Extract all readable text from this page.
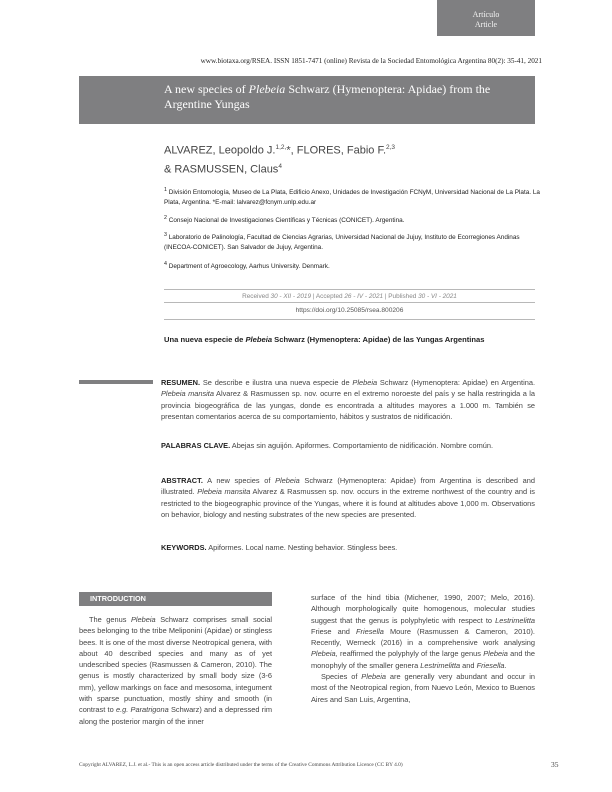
Artículo
Article
www.biotaxa.org/RSEA. ISSN 1851-7471 (online) Revista de la Sociedad Entomológica Argentina 80(2): 35-41, 2021
A new species of Plebeia Schwarz (Hymenoptera: Apidae) from the Argentine Yungas
ALVAREZ, Leopoldo J.$^{1,2,}$*, FLORES, Fabio F.$^{2,3}$
& RASMUSSEN, Claus$^4$
$^1$ División Entomología, Museo de La Plata, Edificio Anexo, Unidades de Investigación FCNyM, Universidad Nacional de La Plata. La Plata, Argentina. *E-mail: lalvarez@fcnym.unlp.edu.ar
$^2$ Consejo Nacional de Investigaciones Científicas y Técnicas (CONICET). Argentina.
$^3$ Laboratorio de Palinología, Facultad de Ciencias Agrarias, Universidad Nacional de Jujuy, Instituto de Ecorregiones Andinas (INECOA-CONICET). San Salvador de Jujuy, Argentina.
$^4$ Department of Agroecology, Aarhus University. Denmark.
Received 30 - XII - 2019 | Accepted 26 - IV - 2021 | Published 30 - VI - 2021
https://doi.org/10.25085/rsea.800206
Una nueva especie de Plebeia Schwarz (Hymenoptera: Apidae) de las Yungas Argentinas
RESUMEN. Se describe e ilustra una nueva especie de Plebeia Schwarz (Hymenoptera: Apidae) en Argentina. Plebeia mansita Alvarez & Rasmussen sp. nov. ocurre en el extremo noroeste del país y se halla restringida a la provincia biogeográfica de las yungas, donde es encontrada a altitudes mayores a 1.000 m. También se presentan comentarios acerca de su comportamiento, hábitos y sustratos de nidificación.
PALABRAS CLAVE. Abejas sin aguijón. Apiformes. Comportamiento de nidificación. Nombre común.
ABSTRACT. A new species of Plebeia Schwarz (Hymenoptera: Apidae) from Argentina is described and illustrated. Plebeia mansita Alvarez & Rasmussen sp. nov. occurs in the extreme northwest of the country and is restricted to the biogeographic province of the Yungas, where it is found at altitudes above 1,000 m. Observations on behavior, biology and nesting substrates of the new species are presented.
KEYWORDS. Apiformes. Local name. Nesting behavior. Stingless bees.
INTRODUCTION
The genus Plebeia Schwarz comprises small social bees belonging to the tribe Meliponini (Apidae) or stingless bees. It is one of the most diverse Neotropical genera, with about 40 described species and many as of yet undescribed species (Rasmussen & Cameron, 2010). The genus is mostly characterized by small body size (3-6 mm), yellow markings on face and mesosoma, integument with sparse punctuation, mostly shiny and smooth (in contrast to e.g. Paratrigona Schwarz) and a depressed rim along the posterior margin of the inner

surface of the hind tibia (Michener, 1990, 2007; Melo, 2016). Although morphologically quite homogenous, molecular studies suggest that the genus is polyphyletic with respect to Lestrimelitta Friese and Friesella Moure (Rasmussen & Cameron, 2010). Recently, Werneck (2016) in a comprehensive work analysing Plebeia, reaffirmed the polyphyly of the large genus Plebeia and the monophyly of the smaller genera Lestrimelitta and Friesella.

Species of Plebeia are generally very abundant and occur in most of the Neotropical region, from Nuevo León, Mexico to Buenos Aires and San Luis, Argentina,

Copyright ALVAREZ, L.J. et al.- This is an open access article distributed under the terms of the Creative Commons Attribution Licence (CC BY 4.0)	35
